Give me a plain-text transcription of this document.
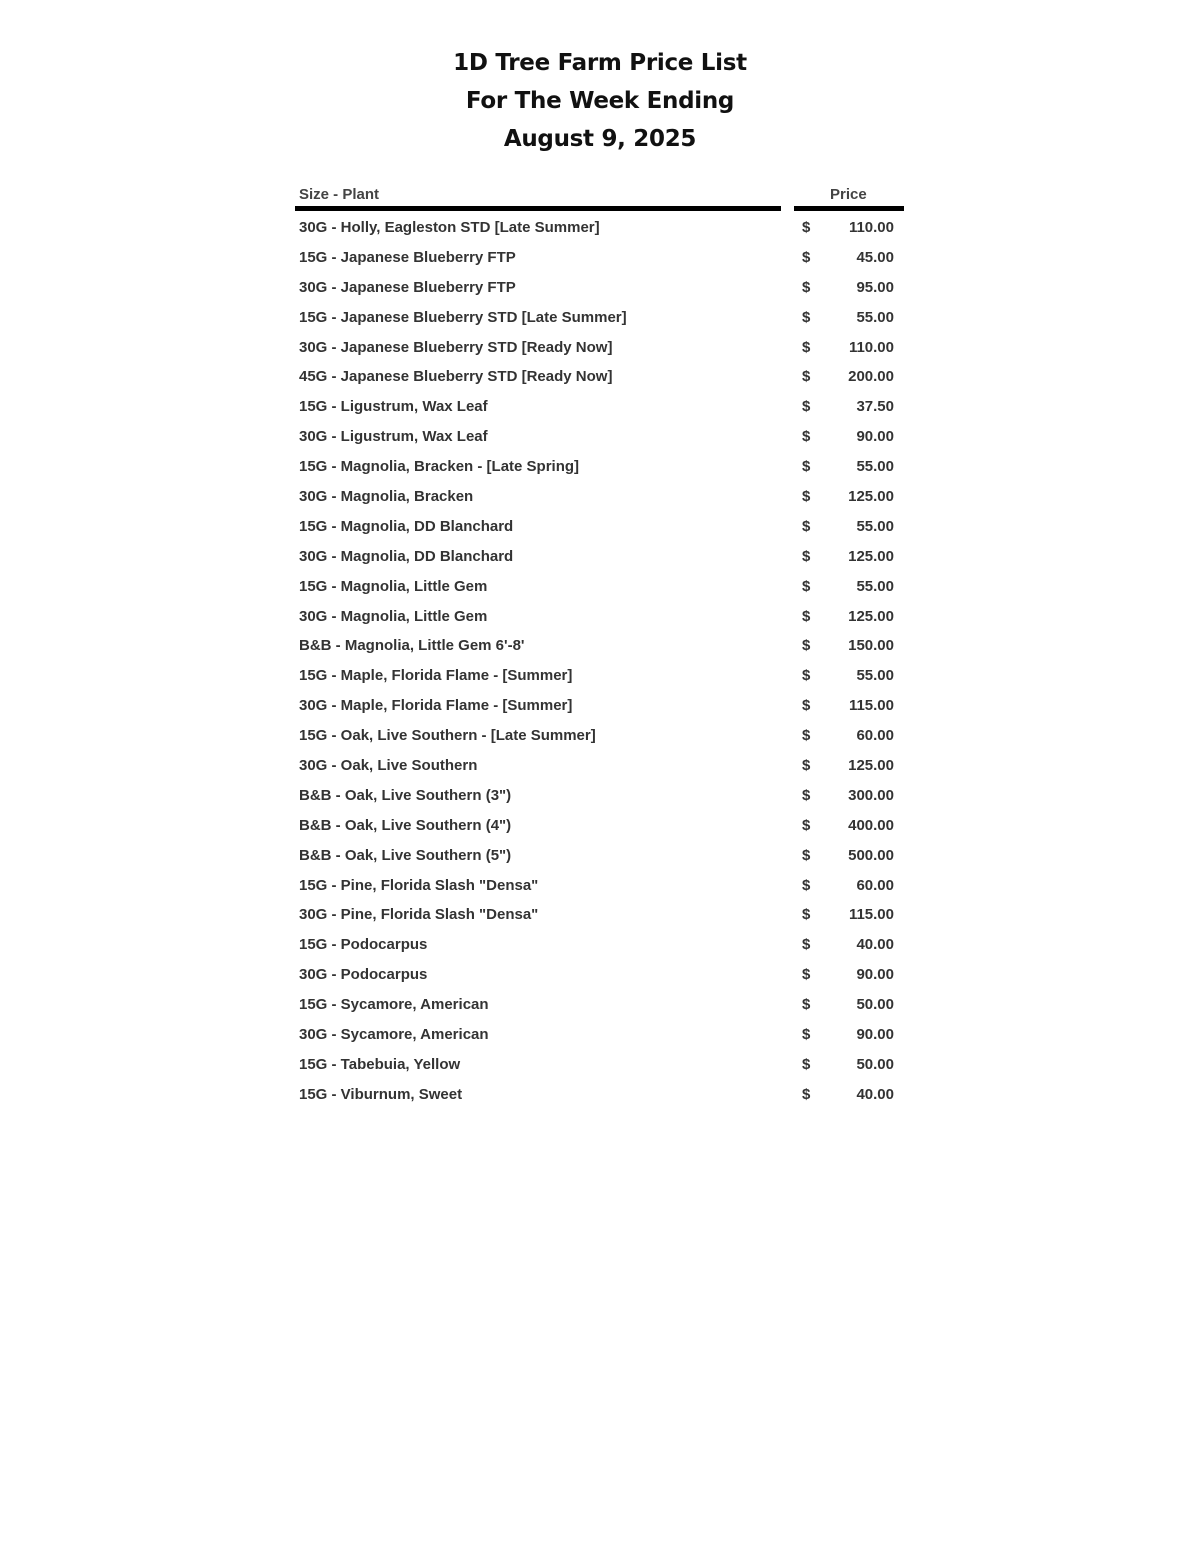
1D Tree Farm Price List
For The Week Ending
August 9, 2025
Size - Plant	Price
30G - Holly, Eagleston STD [Late Summer]	$	110.00
15G - Japanese Blueberry FTP	$	45.00
30G - Japanese Blueberry FTP	$	95.00
15G - Japanese Blueberry STD [Late Summer]	$	55.00
30G - Japanese Blueberry STD [Ready Now]	$	110.00
45G - Japanese Blueberry STD [Ready Now]	$	200.00
15G - Ligustrum, Wax Leaf	$	37.50
30G - Ligustrum, Wax Leaf	$	90.00
15G - Magnolia, Bracken - [Late Spring]	$	55.00
30G - Magnolia, Bracken	$	125.00
15G - Magnolia, DD Blanchard	$	55.00
30G - Magnolia, DD Blanchard	$	125.00
15G - Magnolia, Little Gem	$	55.00
30G - Magnolia, Little Gem	$	125.00
B&B - Magnolia, Little Gem 6'-8'	$	150.00
15G - Maple, Florida Flame - [Summer]	$	55.00
30G - Maple, Florida Flame - [Summer]	$	115.00
15G - Oak, Live Southern - [Late Summer]	$	60.00
30G - Oak, Live Southern	$	125.00
B&B - Oak, Live Southern (3")	$	300.00
B&B - Oak, Live Southern (4")	$	400.00
B&B - Oak, Live Southern (5")	$	500.00
15G - Pine, Florida Slash "Densa"	$	60.00
30G - Pine, Florida Slash "Densa"	$	115.00
15G - Podocarpus	$	40.00
30G - Podocarpus	$	90.00
15G - Sycamore, American	$	50.00
30G - Sycamore, American	$	90.00
15G - Tabebuia, Yellow	$	50.00
15G - Viburnum, Sweet	$	40.00
